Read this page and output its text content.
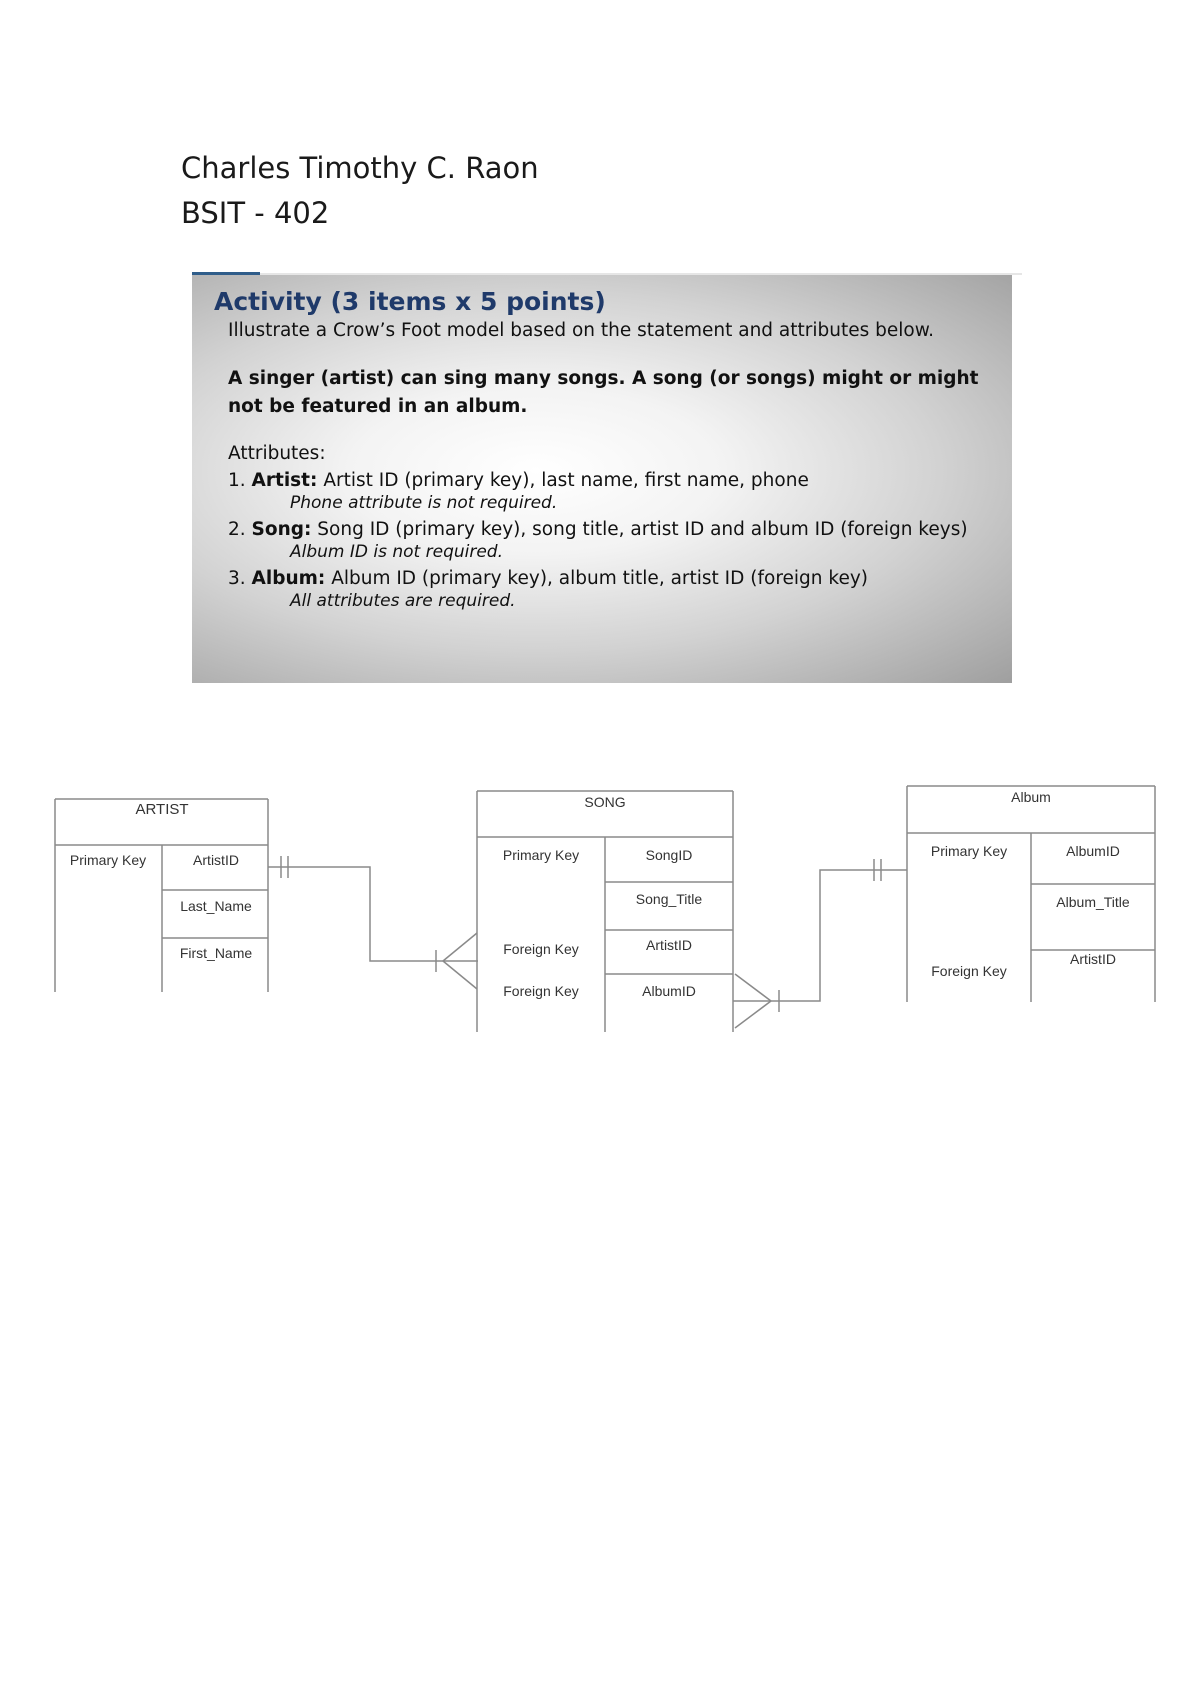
Charles Timothy C. Raon
BSIT - 402
Activity (3 items x 5 points)
Illustrate a Crow’s Foot model based on the statement and attributes below.
A singer (artist) can sing many songs. A song (or songs) might or might not be featured in an album.
Attributes:
1. Artist: Artist ID (primary key), last name, first name, phone
Phone attribute is not required.
2. Song: Song ID (primary key), song title, artist ID and album ID (foreign keys)
Album ID is not required.
3. Album: Album ID (primary key), album title, artist ID (foreign key)
All attributes are required.
ARTIST
Primary Key	ArtistID
Last_Name
First_Name
SONG
Primary Key
Foreign Key
Foreign Key
SongID
Song_Title
ArtistID
AlbumID
Album
Primary Key
Foreign Key
AlbumID
Album_Title
ArtistID
